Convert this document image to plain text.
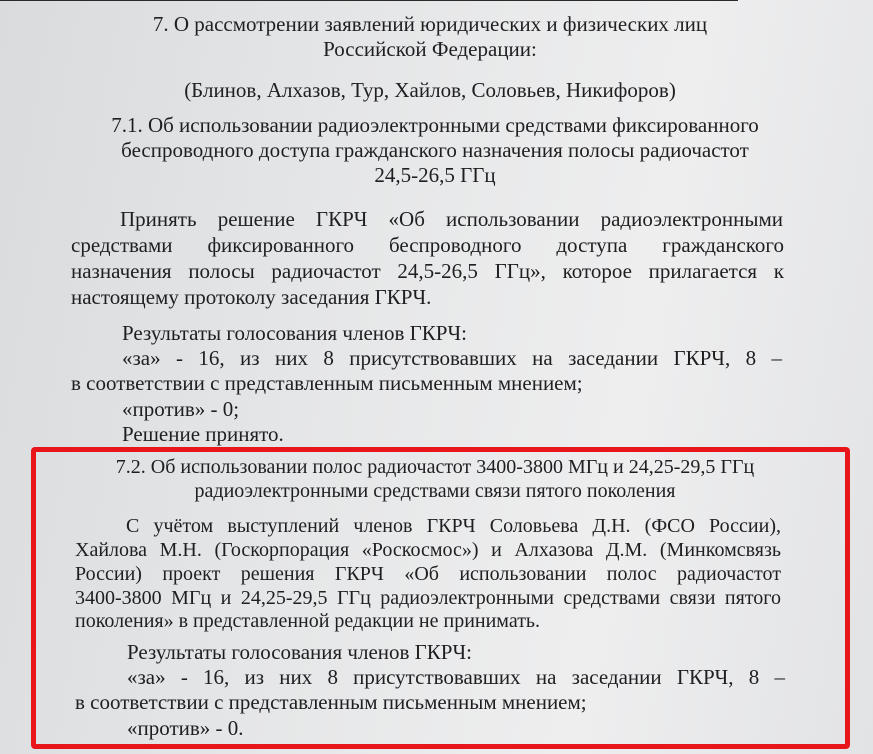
7. О рассмотрении заявлений юридических и физических лиц
Российской Федерации:
(Блинов, Алхазов, Тур, Хайлов, Соловьев, Никифоров)
7.1. Об использовании радиоэлектронными средствами фиксированного
беспроводного доступа гражданского назначения полосы радиочастот
24,5-26,5 ГГц
Принять решение ГКРЧ «Об использовании радиоэлектронными
средствами фиксированного беспроводного доступа гражданского
назначения полосы радиочастот 24,5-26,5 ГГц», которое прилагается к
настоящему протоколу заседания ГКРЧ.
Результаты голосования членов ГКРЧ:
«за» - 16, из них 8 присутствовавших на заседании ГКРЧ, 8 –
в соответствии с представленным письменным мнением;
«против» - 0;
Решение принято.
7.2. Об использовании полос радиочастот 3400-3800 МГц и 24,25-29,5 ГГц
радиоэлектронными средствами связи пятого поколения
С учётом выступлений членов ГКРЧ Соловьева Д.Н. (ФСО России),
Хайлова М.Н. (Госкорпорация «Роскосмос») и Алхазова Д.М. (Минкомсвязь
России) проект решения ГКРЧ «Об использовании полос радиочастот
3400-3800 МГц и 24,25-29,5 ГГц радиоэлектронными средствами связи пятого
поколения» в представленной редакции не принимать.
Результаты голосования членов ГКРЧ:
«за» - 16, из них 8 присутствовавших на заседании ГКРЧ, 8 –
в соответствии с представленным письменным мнением;
«против» - 0.
